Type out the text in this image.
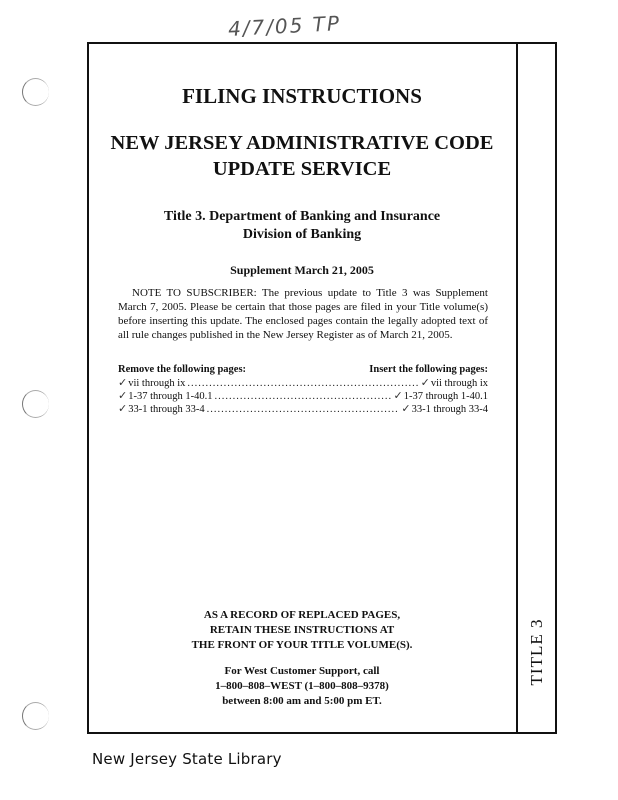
4/7/05 TP
TITLE 3
FILING INSTRUCTIONS
NEW JERSEY ADMINISTRATIVE CODE
UPDATE SERVICE
Title 3. Department of Banking and Insurance
Division of Banking
Supplement March 21, 2005

NOTE TO SUBSCRIBER: The previous update to Title 3 was Supplement March 7, 2005. Please be certain that those pages are filed in your Title volume(s) before inserting this update. The enclosed pages contain the legally adopted text of all rule changes published in the New Jersey Register as of March 21, 2005.

Remove the following pages:	Insert the following pages:
✓ vii through ix .....	✓ vii through ix
✓ 1-37 through 1-40.1 .....	✓ 1-37 through 1-40.1
✓ 33-1 through 33-4 .....	✓ 33-1 through 33-4
AS A RECORD OF REPLACED PAGES,
RETAIN THESE INSTRUCTIONS AT
THE FRONT OF YOUR TITLE VOLUME(S).
For West Customer Support, call
1–800–808–WEST (1–800–808–9378)
between 8:00 am and 5:00 pm ET.
New Jersey State Library
